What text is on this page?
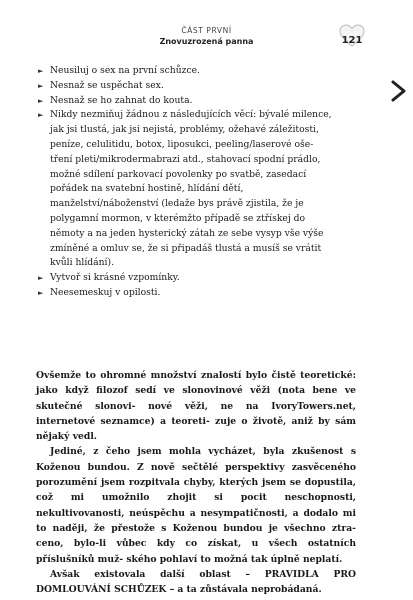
ČÁST PRVNÍ
Znovuzrozená panna	121
► Neusiluj o sex na první schůzce.
► Nesnaž se uspěchat sex.
► Nesnaž se ho zahnat do kouta.
► Nikdy nezmiňuj žádnou z následujících věcí: bývalé milence,
jak jsi tlustá, jak jsi nejistá, problémy, ožehavé záležitosti,
peníze, celulitidu, botox, liposukci, peeling/laserové oše-
tření pleti/mikrodermabrazi atd., stahovací spodní prádlo,
možné sdílení parkovací povolenky po svatbě, zasedací
pořádek na svatební hostině, hlídání dětí,
manželství/náboženství (ledaže bys právě zjistila, že je
polygamní mormon, v kterémžto případě se ztřískej do
němoty a na jeden hysterický zátah ze sebe vysyp vše výše
zmíněné a omluv se, že si připadáš tlustá a musíš se vrátit
kvůli hlídání).
► Vytvoř si krásné vzpomínky.
► Neesemeskuj v opilosti.

Ovšemže to ohromné množství znalostí bylo čistě teoretické: jako když filozof sedí ve slonovinové věži (nota bene ve skutečné slonovi- nové věži, ne na IvoryTowers.net, internetové seznamce) a teoreti- zuje o životě, aniž by sám nějaký vedl.

Jediné, z čeho jsem mohla vycházet, byla zkušenost s Koženou bundou. Z nově sečtělé perspektivy zasvěceného porozumění jsem rozpitvala chyby, kterých jsem se dopustila, což mi umožnilo zhojit si pocit neschopnosti, nekultivovanosti, neúspěchu a nesympatičnosti, a dodalo mi to naději, že přestože s Koženou bundou je všechno ztra- ceno, bylo-li vůbec kdy co získat, u všech ostatních příslušníků muž- ského pohlaví to možná tak úplně neplatí.

Avšak existovala další oblast – PRAVIDLA PRO DOMLOUVÁNÍ SCHŮZEK – a ta zůstávala neprobádaná.
